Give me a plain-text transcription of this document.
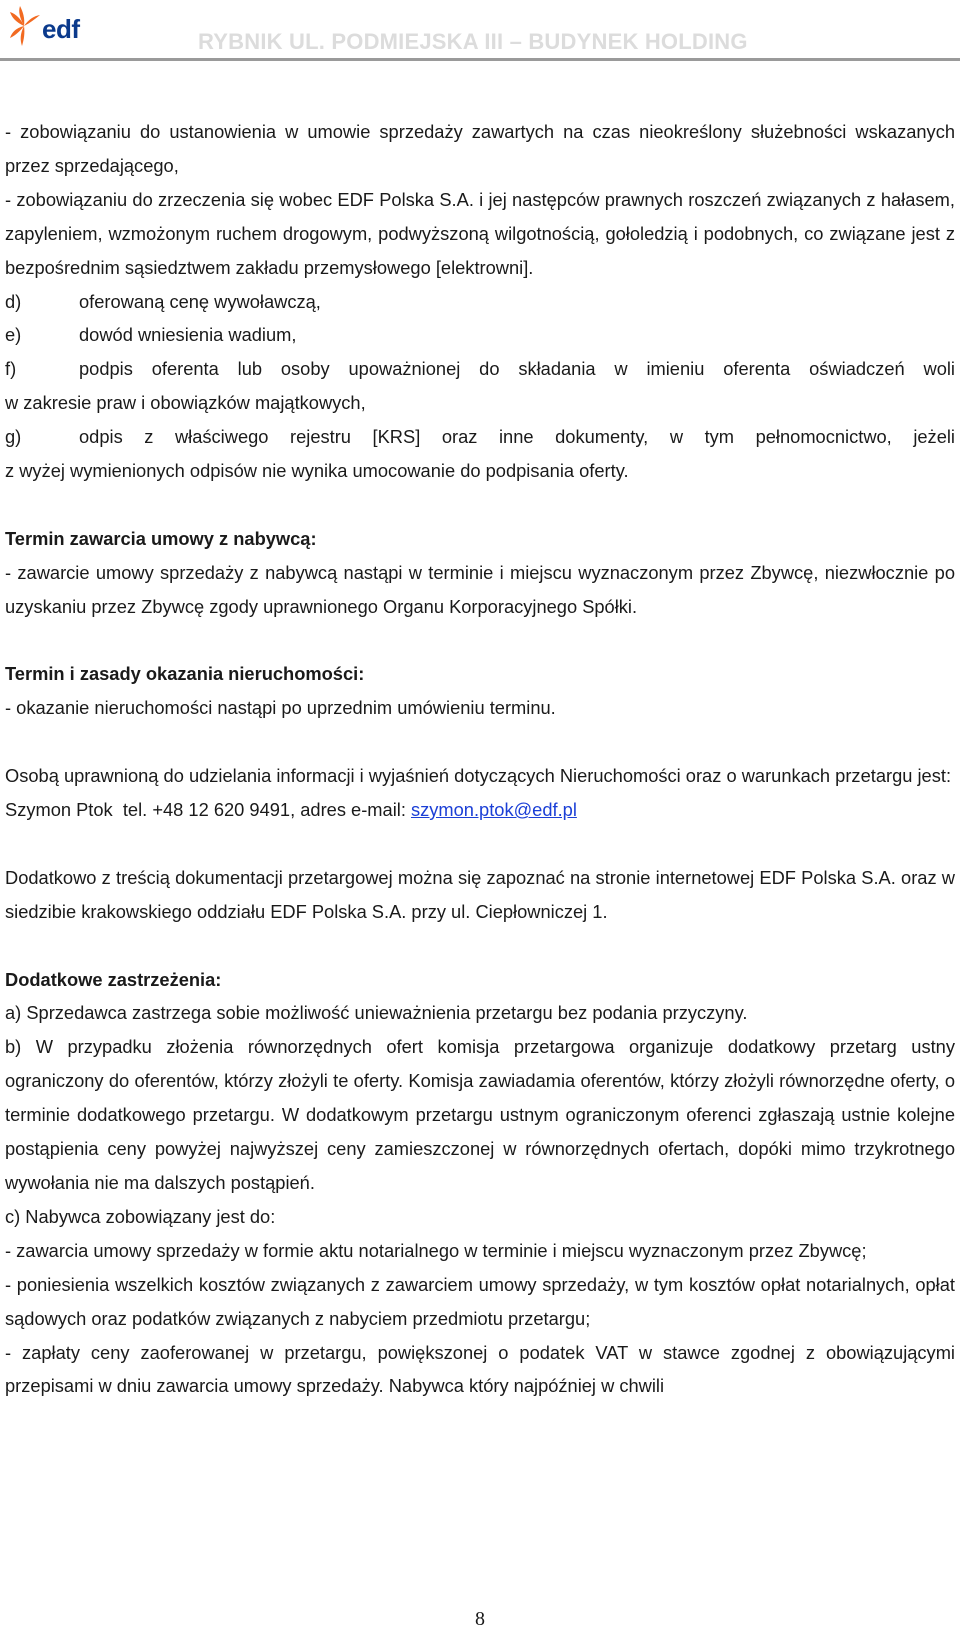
edf	RYBNIK UL. PODMIEJSKA III – BUDYNEK HOLDING

- zobowiązaniu do ustanowienia w umowie sprzedaży zawartych na czas nieokreślony służebności wskazanych przez sprzedającego,

- zobowiązaniu do zrzeczenia się wobec EDF Polska S.A. i jej następców prawnych roszczeń związanych z hałasem, zapyleniem, wzmożonym ruchem drogowym, podwyższoną wilgotnością, gołoledzią i podobnych, co związane jest z bezpośrednim sąsiedztwem zakładu przemysłowego [elektrowni].

d)	oferowaną cenę wywoławczą,
e)	dowód wniesienia wadium,
f)	podpis oferenta lub osoby upoważnionej do składania w imieniu oferenta oświadczeń woli

w zakresie praw i obowiązków majątkowych,

g)	odpis z właściwego rejestru [KRS] oraz inne dokumenty, w tym pełnomocnictwo, jeżeli

z wyżej wymienionych odpisów nie wynika umocowanie do podpisania oferty.

Termin zawarcia umowy z nabywcą:

- zawarcie umowy sprzedaży z nabywcą nastąpi w terminie i miejscu wyznaczonym przez Zbywcę, niezwłocznie po uzyskaniu przez Zbywcę zgody uprawnionego Organu Korporacyjnego Spółki.

Termin i zasady okazania nieruchomości:

- okazanie nieruchomości nastąpi po uprzednim umówieniu terminu.

Osobą uprawnioną do udzielania informacji i wyjaśnień dotyczących Nieruchomości oraz o warunkach przetargu jest:

Szymon Ptok  tel. +48 12 620 9491, adres e-mail: szymon.ptok@edf.pl

Dodatkowo z treścią dokumentacji przetargowej można się zapoznać na stronie internetowej EDF Polska S.A. oraz w siedzibie krakowskiego oddziału EDF Polska S.A. przy ul. Ciepłowniczej 1.

Dodatkowe zastrzeżenia:

a) Sprzedawca zastrzega sobie możliwość unieważnienia przetargu bez podania przyczyny.

b) W przypadku złożenia równorzędnych ofert komisja przetargowa organizuje dodatkowy przetarg ustny ograniczony do oferentów, którzy złożyli te oferty. Komisja zawiadamia oferentów, którzy złożyli równorzędne oferty, o terminie dodatkowego przetargu. W dodatkowym przetargu ustnym ograniczonym oferenci zgłaszają ustnie kolejne postąpienia ceny powyżej najwyższej ceny zamieszczonej w równorzędnych ofertach, dopóki mimo trzykrotnego wywołania nie ma dalszych postąpień.

c) Nabywca zobowiązany jest do:

- zawarcia umowy sprzedaży w formie aktu notarialnego w terminie i miejscu wyznaczonym przez Zbywcę;

- poniesienia wszelkich kosztów związanych z zawarciem umowy sprzedaży, w tym kosztów opłat notarialnych, opłat sądowych oraz podatków związanych z nabyciem przedmiotu przetargu;

- zapłaty ceny zaoferowanej w przetargu, powiększonej o podatek VAT w stawce zgodnej z obowiązującymi przepisami w dniu zawarcia umowy sprzedaży. Nabywca który najpóźniej w chwili

8
